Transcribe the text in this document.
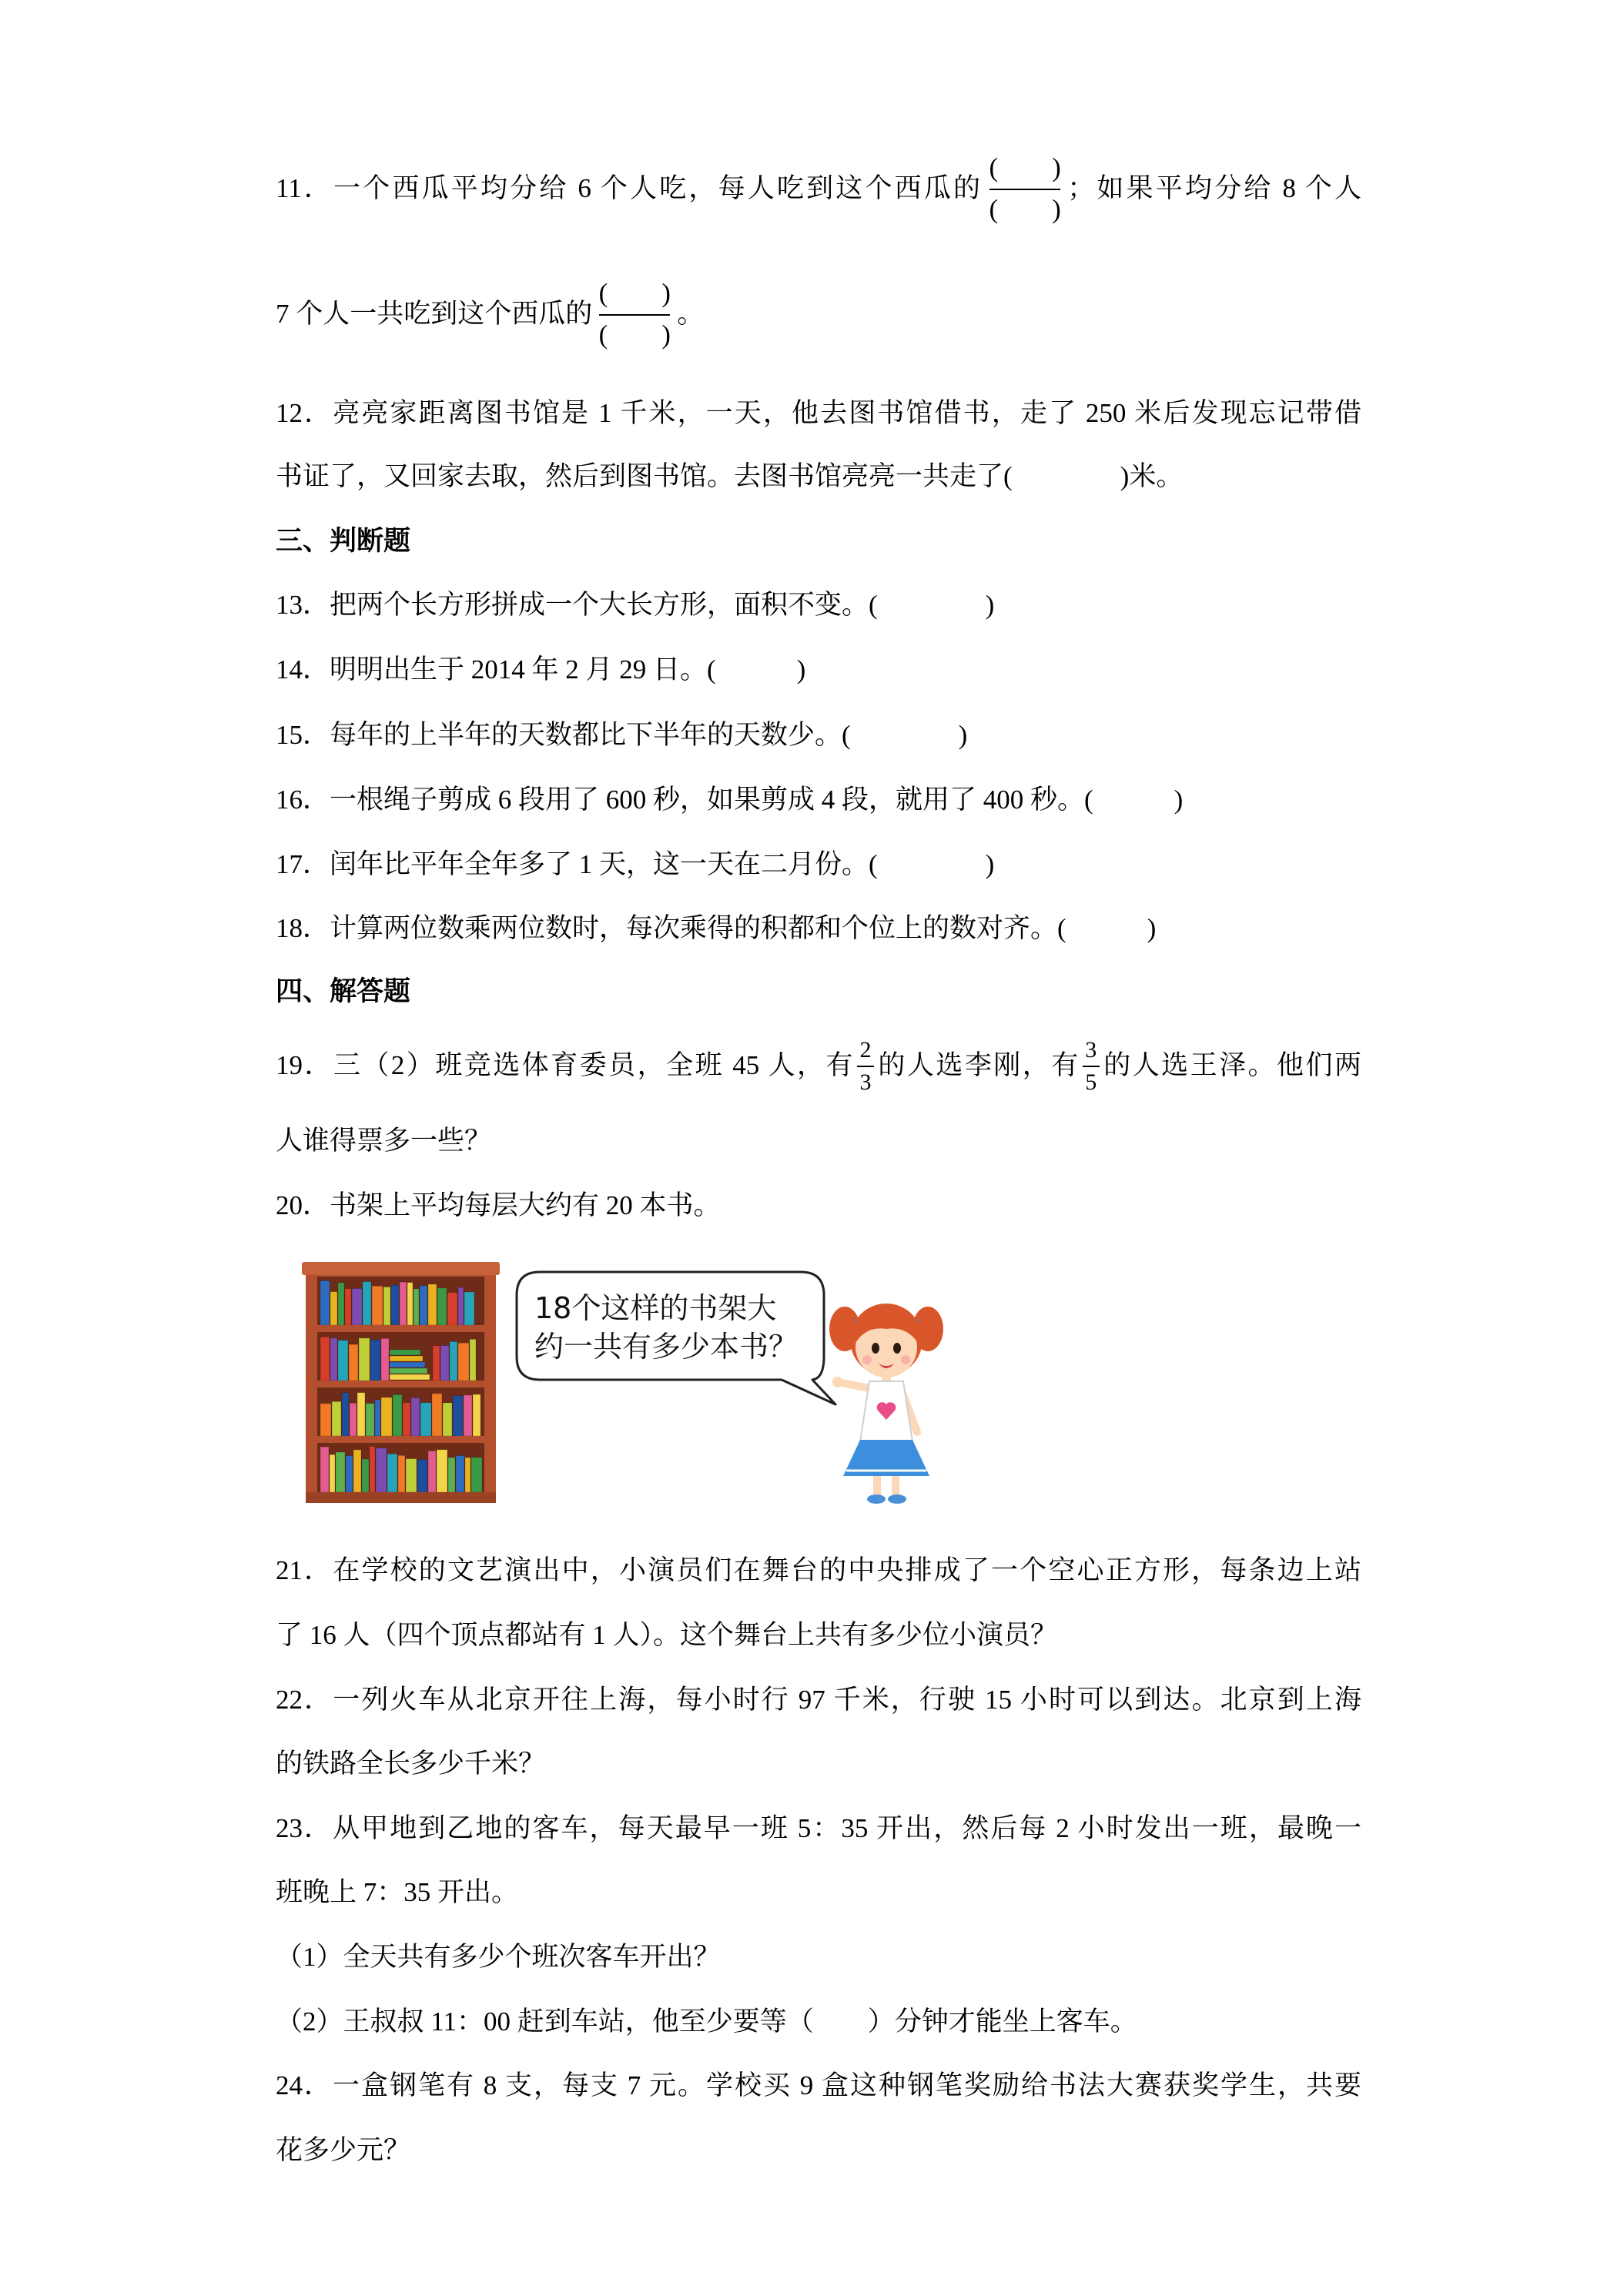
11．一个西瓜平均分给 6 个人吃，每人吃到这个西瓜的 $\frac{( )}{( )}$ ；如果平均分给 8 个人
7 个人一共吃到这个西瓜的 $\frac{( )}{( )}$ 。
12．亮亮家距离图书馆是 1 千米，一天，他去图书馆借书，走了 250 米后发现忘记带借
书证了，又回家去取，然后到图书馆。去图书馆亮亮一共走了(　　　　)米。
三、判断题
13．把两个长方形拼成一个大长方形，面积不变。(　　　　)
14．明明出生于 2014 年 2 月 29 日。(　　　)
15．每年的上半年的天数都比下半年的天数少。(　　　　)
16．一根绳子剪成 6 段用了 600 秒，如果剪成 4 段，就用了 400 秒。(　　　)
17．闰年比平年全年多了 1 天，这一天在二月份。(　　　　)
18．计算两位数乘两位数时，每次乘得的积都和个位上的数对齐。(　　　)
四、解答题
19．三（2）班竞选体育委员，全班 45 人，有 $\frac{2}{3}$ 的人选李刚，有 $\frac{3}{5}$ 的人选王泽。他们两
人谁得票多一些？
20．书架上平均每层大约有 20 本书。
18个这样的书架大
约一共有多少本书？
21．在学校的文艺演出中，小演员们在舞台的中央排成了一个空心正方形，每条边上站
了 16 人（四个顶点都站有 1 人）。这个舞台上共有多少位小演员？
22．一列火车从北京开往上海，每小时行 97 千米，行驶 15 小时可以到达。北京到上海
的铁路全长多少千米？
23．从甲地到乙地的客车，每天最早一班 5：35 开出，然后每 2 小时发出一班，最晚一
班晚上 7：35 开出。
（1）全天共有多少个班次客车开出？
（2）王叔叔 11：00 赶到车站，他至少要等（　　）分钟才能坐上客车。
24．一盒钢笔有 8 支，每支 7 元。学校买 9 盒这种钢笔奖励给书法大赛获奖学生，共要
花多少元？
